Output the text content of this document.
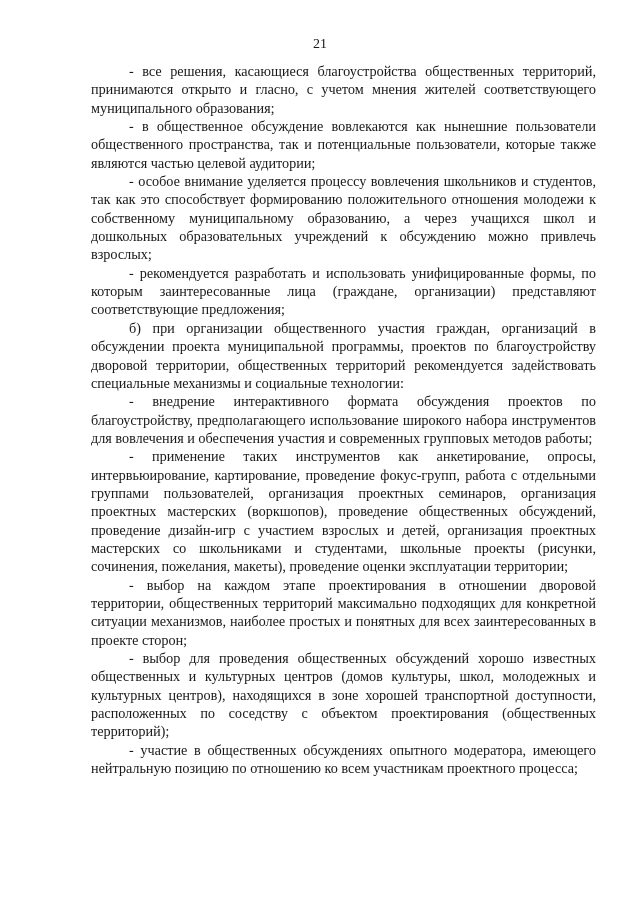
21

- все решения, касающиеся благоустройства общественных территорий, принимаются открыто и гласно, с учетом мнения жителей соответствующего муниципального образования;

- в общественное обсуждение вовлекаются как нынешние пользователи общественного пространства, так и потенциальные пользователи, которые также являются частью целевой аудитории;

- особое внимание уделяется процессу вовлечения школьников и студентов, так как это способствует формированию положительного отношения молодежи к собственному муниципальному образованию, а через учащихся школ и дошкольных образовательных учреждений к обсуждению можно привлечь взрослых;

- рекомендуется разработать и использовать унифицированные формы, по которым заинтересованные лица (граждане, организации) представляют соответствующие предложения;

б) при организации общественного участия граждан, организаций в обсуждении проекта муниципальной программы, проектов по благоустройству дворовой территории, общественных территорий рекомендуется задействовать специальные механизмы и социальные технологии:

- внедрение интерактивного формата обсуждения проектов по благоустройству, предполагающего использование широкого набора инструментов для вовлечения и обеспечения участия и современных групповых методов работы;

- применение таких инструментов как анкетирование, опросы, интервьюирование, картирование, проведение фокус-групп, работа с отдельными группами пользователей, организация проектных семинаров, организация проектных мастерских (воркшопов), проведение общественных обсуждений, проведение дизайн-игр с участием взрослых и детей, организация проектных мастерских со школьниками и студентами, школьные проекты (рисунки, сочинения, пожелания, макеты), проведение оценки эксплуатации территории;

- выбор на каждом этапе проектирования в отношении дворовой территории, общественных территорий максимально подходящих для конкретной ситуации механизмов, наиболее простых и понятных для всех заинтересованных в проекте сторон;

- выбор для проведения общественных обсуждений хорошо известных общественных и культурных центров (домов культуры, школ, молодежных и культурных центров), находящихся в зоне хорошей транспортной доступности, расположенных по соседству с объектом проектирования (общественных территорий);

- участие в общественных обсуждениях опытного модератора, имеющего нейтральную позицию по отношению ко всем участникам проектного процесса;
